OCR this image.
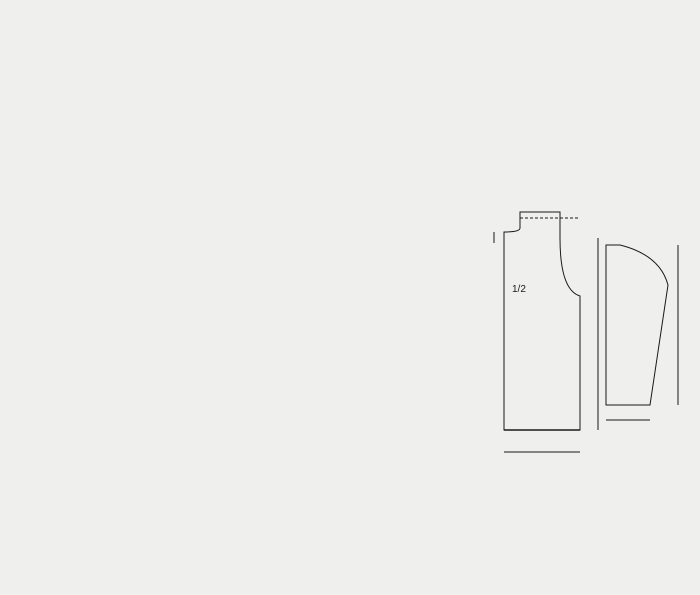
1/2
